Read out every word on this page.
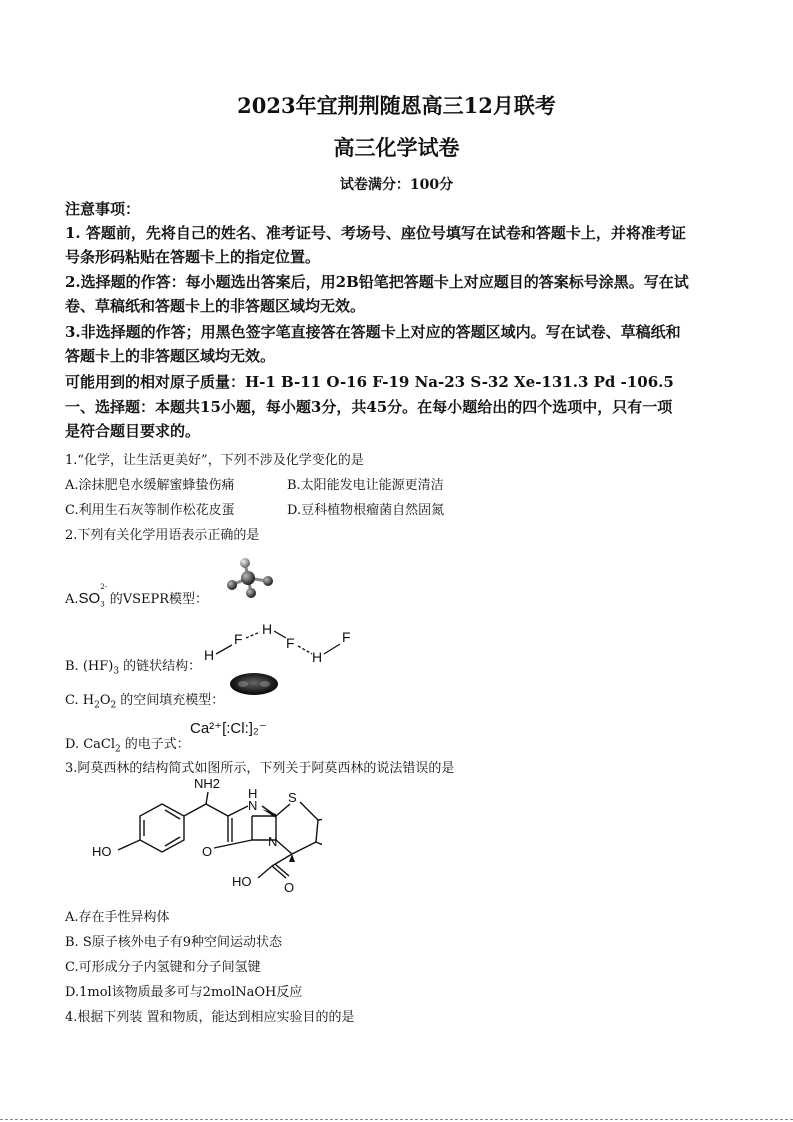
2023年宜荆荆随恩高三12月联考
高三化学试卷
试卷满分：100分
注意事项：
1. 答题前，先将自己的姓名、准考证号、考场号、座位号填写在试卷和答题卡上，并将准考证
号条形码粘贴在答题卡上的指定位置。
2.选择题的作答：每小题选出答案后，用2B铅笔把答题卡上对应题目的答案标号涂黑。写在试
卷、草稿纸和答题卡上的非答题区域均无效。
3.非选择题的作答；用黑色签字笔直接答在答题卡上对应的答题区域内。写在试卷、草稿纸和
答题卡上的非答题区域均无效。
可能用到的相对原子质量：H-1 B-11 O-16 F-19 Na-23 S-32 Xe-131.3 Pd -106.5
一、选择题：本题共15小题，每小题3分，共45分。在每小题给出的四个选项中，只有一项
是符合题目要求的。
1.“化学，让生活更美好”，下列不涉及化学变化的是
A.涂抹肥皂水缓解蜜蜂蛰伤痛	B.太阳能发电让能源更清洁
C.利用生石灰等制作松花皮蛋	D.豆科植物根瘤菌自然固氮
2.下列有关化学用语表示正确的是
A.SO
2-
$_3$ 的VSEPR模型：
B. $(HF)_3$ 的链状结构：
H
F
H
F
H
F
C. $H_2O_2$ 的空间填充模型：
D. CaCl$_2$ 的电子式：
Ca²⁺[:Cl:]₂⁻
3.阿莫西林的结构简式如图所示，下列关于阿莫西林的说法错误的是
NH2
N
H S
HO	O
N
HO	O
A.存在手性异构体
B. S原子核外电子有9种空间运动状态
C.可形成分子内氢键和分子间氢键
D.1mol该物质最多可与2molNaOH反应
4.根据下列装 置和物质，能达到相应实验目的的是
